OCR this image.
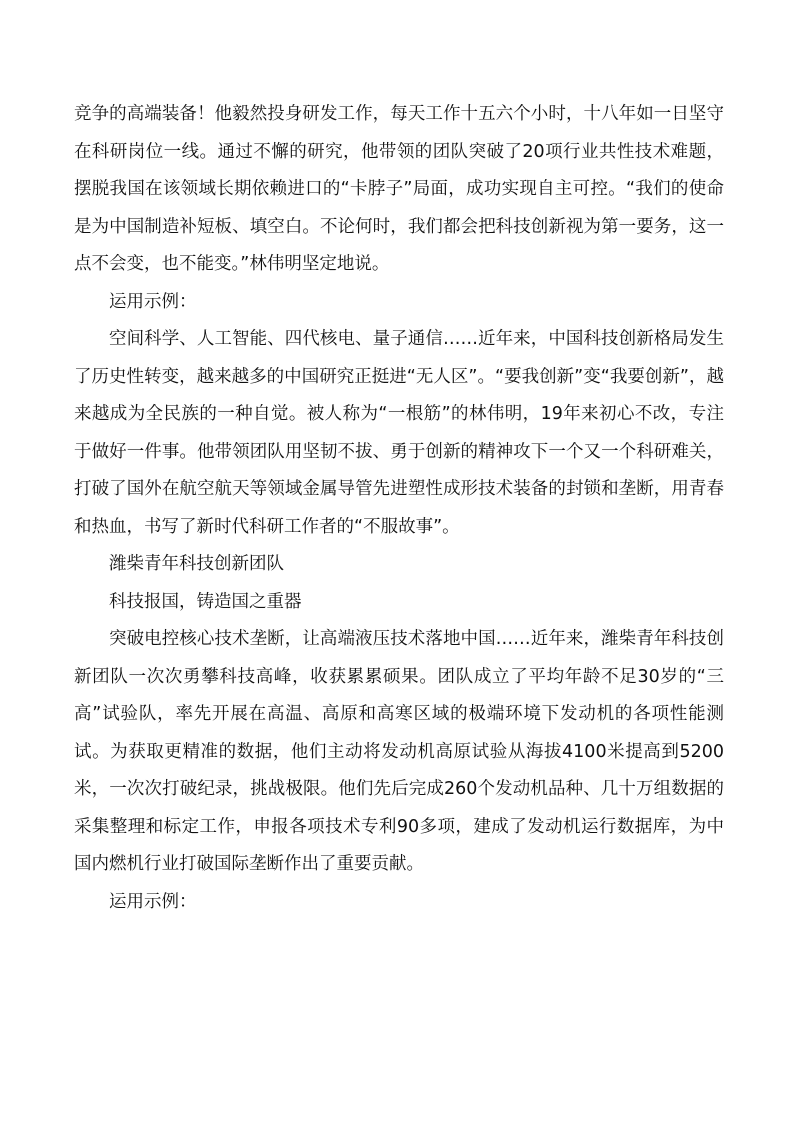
竞争的高端装备！他毅然投身研发工作，每天工作十五六个小时，十八年如一日坚守在科研岗位一线。通过不懈的研究，他带领的团队突破了20项行业共性技术难题，摆脱我国在该领域长期依赖进口的“卡脖子”局面，成功实现自主可控。“我们的使命是为中国制造补短板、填空白。不论何时，我们都会把科技创新视为第一要务，这一点不会变，也不能变。”林伟明坚定地说。

运用示例：

空间科学、人工智能、四代核电、量子通信……近年来，中国科技创新格局发生了历史性转变，越来越多的中国研究正挺进“无人区”。“要我创新”变“我要创新”，越来越成为全民族的一种自觉。被人称为“一根筋”的林伟明，19年来初心不改，专注于做好一件事。他带领团队用坚韧不拔、勇于创新的精神攻下一个又一个科研难关，打破了国外在航空航天等领域金属导管先进塑性成形技术装备的封锁和垄断，用青春和热血，书写了新时代科研工作者的“不服故事”。

潍柴青年科技创新团队

科技报国，铸造国之重器

突破电控核心技术垄断，让高端液压技术落地中国……近年来，潍柴青年科技创新团队一次次勇攀科技高峰，收获累累硕果。团队成立了平均年龄不足30岁的“三高”试验队，率先开展在高温、高原和高寒区域的极端环境下发动机的各项性能测试。为获取更精准的数据，他们主动将发动机高原试验从海拔4100米提高到5200米，一次次打破纪录，挑战极限。他们先后完成260个发动机品种、几十万组数据的采集整理和标定工作，申报各项技术专利90多项，建成了发动机运行数据库，为中国内燃机行业打破国际垄断作出了重要贡献。

运用示例：
